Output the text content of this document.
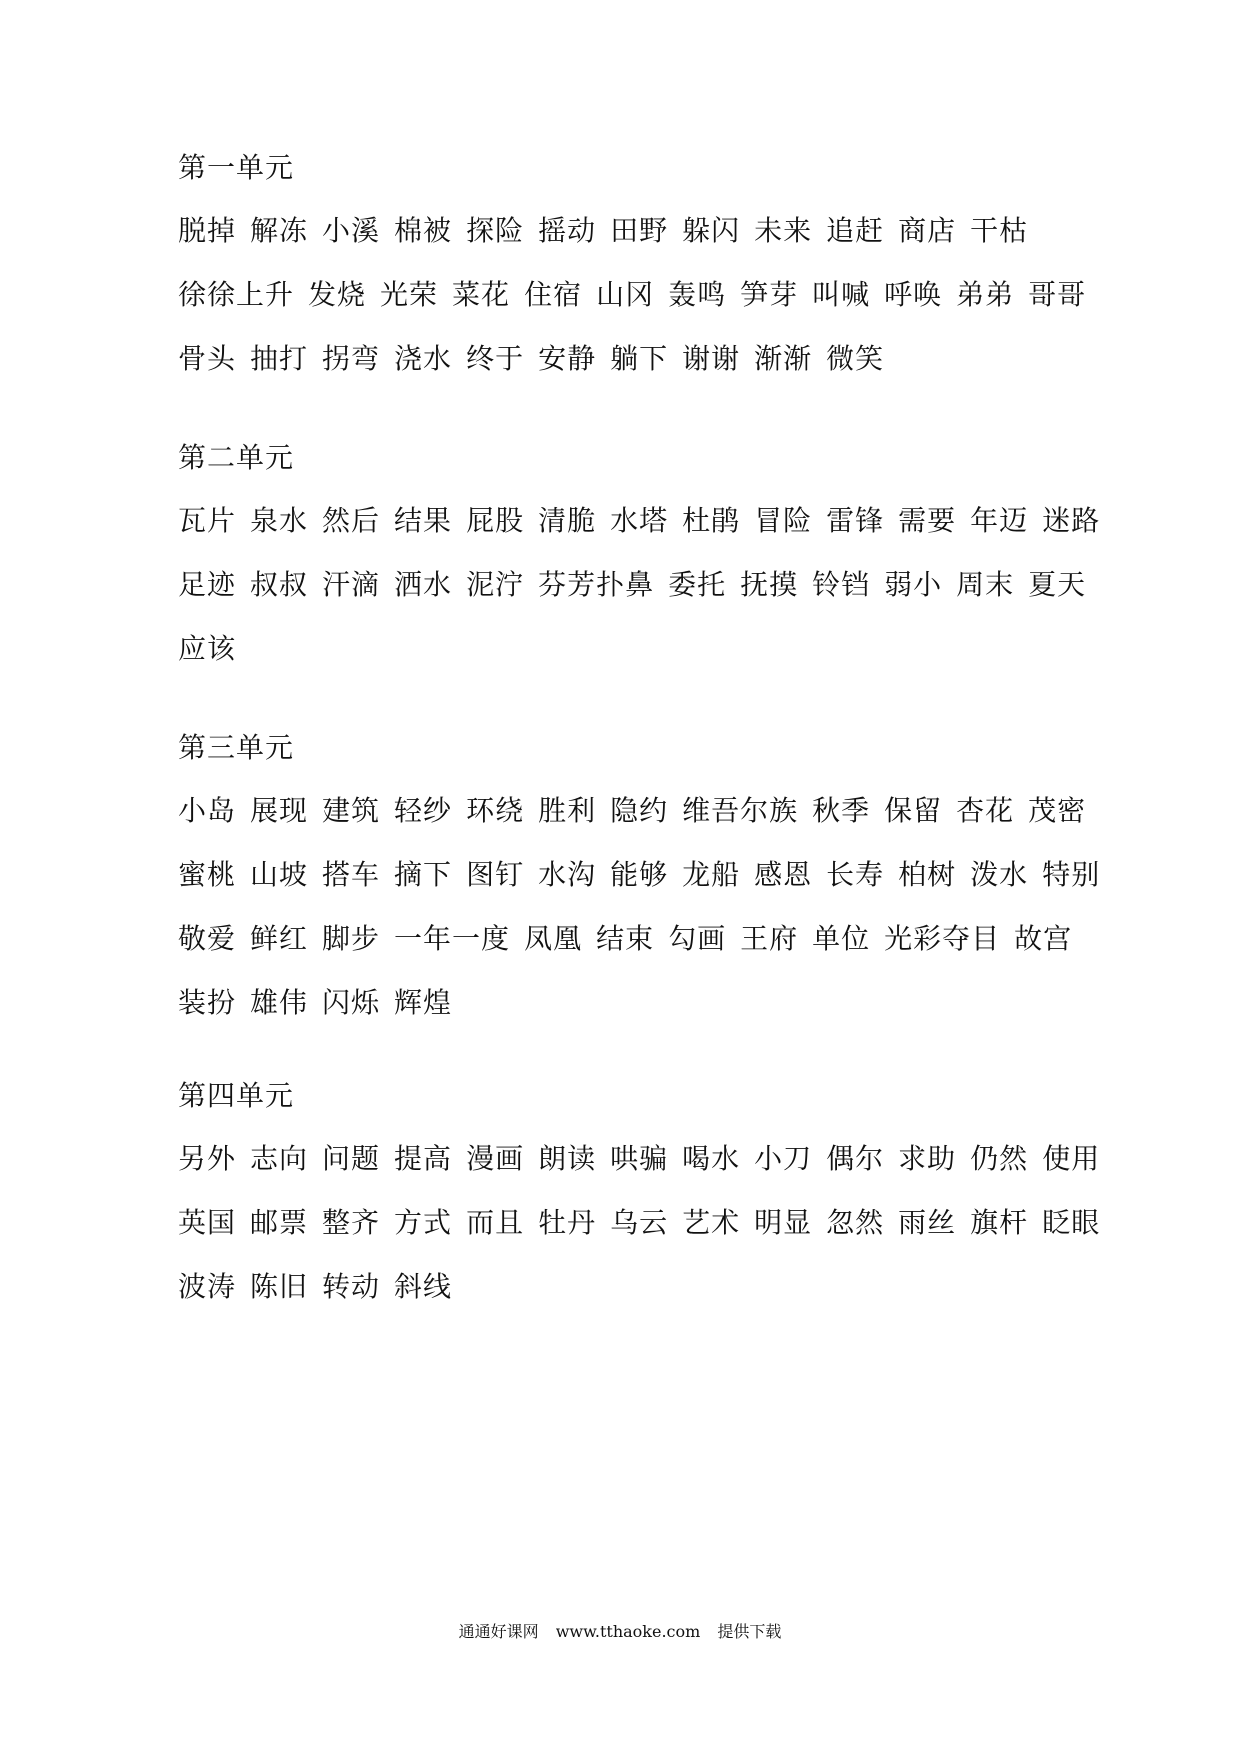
第一单元
脱掉 解冻 小溪 棉被 探险 摇动 田野 躲闪 未来 追赶 商店 干枯
徐徐上升 发烧 光荣 菜花 住宿 山冈 轰鸣 笋芽 叫喊 呼唤 弟弟 哥哥
骨头 抽打 拐弯 浇水 终于 安静 躺下 谢谢 渐渐 微笑
第二单元
瓦片 泉水 然后 结果 屁股 清脆 水塔 杜鹃 冒险 雷锋 需要 年迈 迷路
足迹 叔叔 汗滴 洒水 泥泞 芬芳扑鼻 委托 抚摸 铃铛 弱小 周末 夏天
应该
第三单元
小岛 展现 建筑 轻纱 环绕 胜利 隐约 维吾尔族 秋季 保留 杏花 茂密
蜜桃 山坡 搭车 摘下 图钉 水沟 能够 龙船 感恩 长寿 柏树 泼水 特别
敬爱 鲜红 脚步 一年一度 凤凰 结束 勾画 王府 单位 光彩夺目 故宫
装扮 雄伟 闪烁 辉煌
第四单元
另外 志向 问题 提高 漫画 朗读 哄骗 喝水 小刀 偶尔 求助 仍然 使用
英国 邮票 整齐 方式 而且 牡丹 乌云 艺术 明显 忽然 雨丝 旗杆 眨眼
波涛 陈旧 转动 斜线
通通好课网 www.tthaoke.com 提供下载
